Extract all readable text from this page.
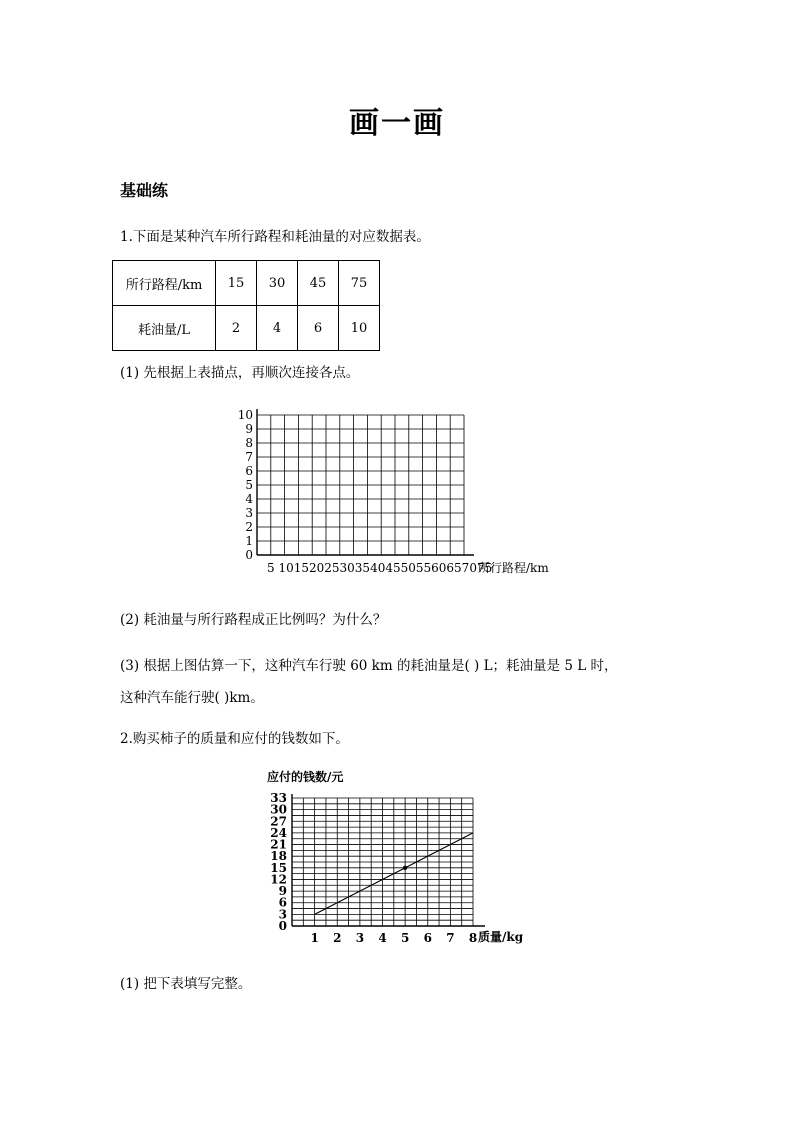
画一画
基础练
1.下面是某种汽车所行路程和耗油量的对应数据表。
所行路程/km	15	30	45	75
耗油量/L	2	4	6	10
(1) 先根据上表描点，再顺次连接各点。
0
1
2
3
4
5
6
7
8
9
10
5 1015202530354045505560657075
所行路程/km
(2) 耗油量与所行路程成正比例吗？为什么？
(3) 根据上图估算一下，这种汽车行驶 60 km 的耗油量是( ) L；耗油量是 5 L 时，
这种汽车能行驶( )km。
2.购买柿子的质量和应付的钱数如下。
应付的钱数/元
0
3
6
9
12
15
18
21
24
27
30
33
1 2 3 4 5 6 7 8 质量/kg
(1) 把下表填写完整。
